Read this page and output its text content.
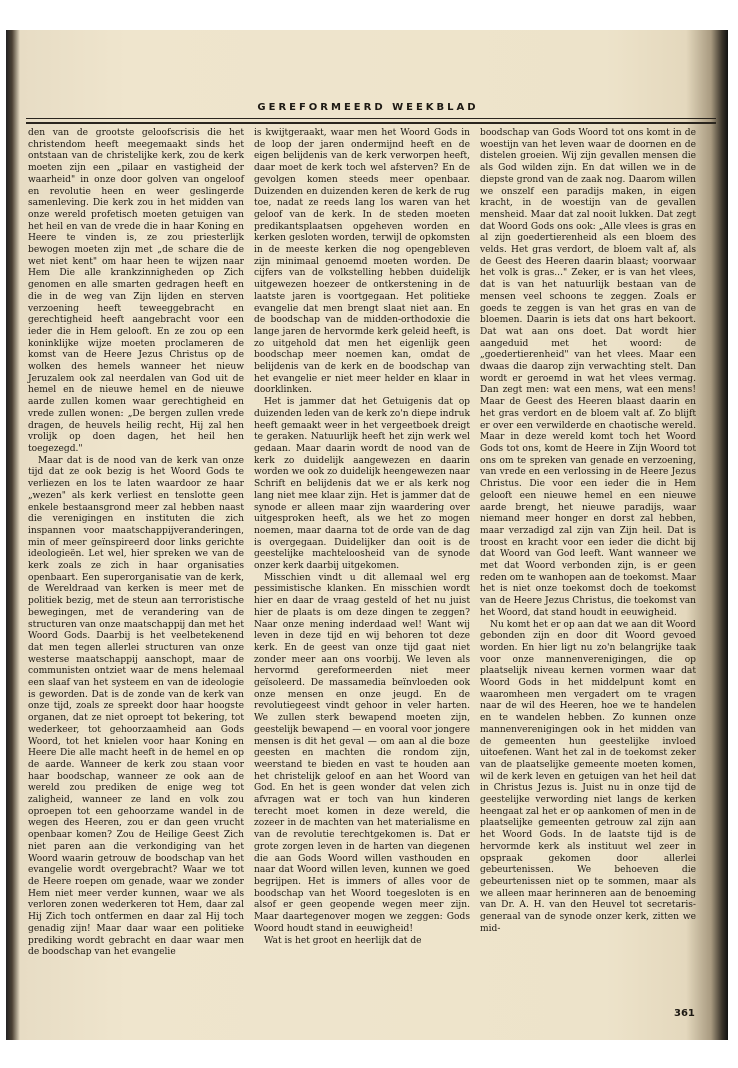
GEREFORMEERD WEEKBLAD

den van de grootste geloofscrisis die het christendom heeft meegemaakt sinds het ontstaan van de christelijke kerk, zou de kerk moeten zijn een „pilaar en vastigheid der waarheid" in onze door golven van ongeloof en revolutie heen en weer geslingerde samenleving. Die kerk zou in het midden van onze wereld profetisch moeten getuigen van het heil en van de vrede die in haar Koning en Heere te vinden is, ze zou priesterlijk bewogen moeten zijn met „de schare die de wet niet kent" om haar heen te wijzen naar Hem Die alle krankzinnigheden op Zich genomen en alle smarten gedragen heeft en die in de weg van Zijn lijden en sterven verzoening heeft teweeggebracht en gerechtigheid heeft aangebracht voor een ieder die in Hem gelooft. En ze zou op een koninklijke wijze moeten proclameren de komst van de Heere Jezus Christus op de wolken des hemels wanneer het nieuw Jeruzalem ook zal neerdalen van God uit de hemel en de nieuwe hemel en de nieuwe aarde zullen komen waar gerechtigheid en vrede zullen wonen: „De bergen zullen vrede dragen, de heuvels heilig recht, Hij zal hen vrolijk op doen dagen, het heil hen toegezegd."

Maar dat is de nood van de kerk van onze tijd dat ze ook bezig is het Woord Gods te verliezen en los te laten waardoor ze haar „wezen" als kerk verliest en tenslotte geen enkele bestaansgrond meer zal hebben naast die verenigingen en instituten die zich inspannen voor maatschappijveranderingen, min of meer geïnspireerd door links gerichte ideologieën. Let wel, hier spreken we van de kerk zoals ze zich in haar organisaties openbaart. Een superorganisatie van de kerk, de Wereldraad van kerken is meer met de politiek bezig, met de steun aan terroristische bewegingen, met de verandering van de structuren van onze maatschappij dan met het Woord Gods. Daarbij is het veelbetekenend dat men tegen allerlei structuren van onze westerse maatschappij aanschopt, maar de communisten ontziet waar de mens helemaal een slaaf van het systeem en van de ideologie is geworden. Dat is de zonde van de kerk van onze tijd, zoals ze spreekt door haar hoogste organen, dat ze niet oproept tot bekering, tot wederkeer, tot gehoorzaamheid aan Gods Woord, tot het knielen voor haar Koning en Heere Die alle macht heeft in de hemel en op de aarde. Wanneer de kerk zou staan voor haar boodschap, wanneer ze ook aan de wereld zou prediken de enige weg tot zaligheid, wanneer ze land en volk zou oproepen tot een gehoorzame wandel in de wegen des Heeren, zou er dan geen vrucht openbaar komen? Zou de Heilige Geest Zich niet paren aan die verkondiging van het Woord waarin getrouw de boodschap van het evangelie wordt overgebracht? Waar we tot de Heere roepen om genade, waar we zonder Hem niet meer verder kunnen, waar we als verloren zonen wederkeren tot Hem, daar zal Hij Zich toch ontfermen en daar zal Hij toch genadig zijn! Maar daar waar een politieke prediking wordt gebracht en daar waar men de boodschap van het evangelie

is kwijtgeraakt, waar men het Woord Gods in de loop der jaren ondermijnd heeft en de eigen belijdenis van de kerk verworpen heeft, daar moet de kerk toch wel afsterven? En de gevolgen komen steeds meer openbaar. Duizenden en duizenden keren de kerk de rug toe, nadat ze reeds lang los waren van het geloof van de kerk. In de steden moeten predikantsplaatsen opgeheven worden en kerken gesloten worden, terwijl de opkomsten in de meeste kerken die nog opengebleven zijn minimaal genoemd moeten worden. De cijfers van de volkstelling hebben duidelijk uitgewezen hoezeer de ontkerstening in de laatste jaren is voortgegaan. Het politieke evangelie dat men brengt slaat niet aan. En de boodschap van de midden-orthodoxie die lange jaren de hervormde kerk geleid heeft, is zo uitgehold dat men het eigenlijk geen boodschap meer noemen kan, omdat de belijdenis van de kerk en de boodschap van het evangelie er niet meer helder en klaar in doorklinken.

Het is jammer dat het Getuigenis dat op duizenden leden van de kerk zo'n diepe indruk heeft gemaakt weer in het vergeetboek dreigt te geraken. Natuurlijk heeft het zijn werk wel gedaan. Maar daarin wordt de nood van de kerk zo duidelijk aangewezen en daarin worden we ook zo duidelijk heengewezen naar Schrift en belijdenis dat we er als kerk nog lang niet mee klaar zijn. Het is jammer dat de synode er alleen maar zijn waardering over uitgesproken heeft, als we het zo mogen noemen, maar daarna tot de orde van de dag is overgegaan. Duidelijker dan ooit is de geestelijke machteloosheid van de synode onzer kerk daarbij uitgekomen.

Misschien vindt u dit allemaal wel erg pessimistische klanken. En misschien wordt hier en daar de vraag gesteld of het nu juist hier de plaats is om deze dingen te zeggen? Naar onze mening inderdaad wel! Want wij leven in deze tijd en wij behoren tot deze kerk. En de geest van onze tijd gaat niet zonder meer aan ons voorbij. We leven als hervormd gereformeerden niet meer geïsoleerd. De massamedia beïnvloeden ook onze mensen en onze jeugd. En de revolutiegeest vindt gehoor in veler harten. We zullen sterk bewapend moeten zijn, geestelijk bewapend — en vooral voor jongere mensen is dit het geval — om aan al die boze geesten en machten die rondom zijn, weerstand te bieden en vast te houden aan het christelijk geloof en aan het Woord van God. En het is geen wonder dat velen zich afvragen wat er toch van hun kinderen terecht moet komen in deze wereld, die zozeer in de machten van het materialisme en van de revolutie terechtgekomen is. Dat er grote zorgen leven in de harten van diegenen die aan Gods Woord willen vasthouden en naar dat Woord willen leven, kunnen we goed begrijpen. Het is immers of alles voor de boodschap van het Woord toegesloten is en alsof er geen geopende wegen meer zijn. Maar daartegenover mogen we zeggen: Gods Woord houdt stand in eeuwigheid!

Wat is het groot en heerlijk dat de

boodschap van Gods Woord tot ons komt in de woestijn van het leven waar de doornen en de distelen groeien. Wij zijn gevallen mensen die als God wilden zijn. En dat willen we in de diepste grond van de zaak nog. Daarom willen we onszelf een paradijs maken, in eigen kracht, in de woestijn van de gevallen mensheid. Maar dat zal nooit lukken. Dat zegt dat Woord Gods ons ook: „Alle vlees is gras en al zijn goedertierenheid als een bloem des velds. Het gras verdort, de bloem valt af, als de Geest des Heeren daarin blaast; voorwaar het volk is gras..." Zeker, er is van het vlees, dat is van het natuurlijk bestaan van de mensen veel schoons te zeggen. Zoals er goeds te zeggen is van het gras en van de bloemen. Daarin is iets dat ons hart bekoort. Dat wat aan ons doet. Dat wordt hier aangeduid met het woord: de „goedertierenheid" van het vlees. Maar een dwaas die daarop zijn verwachting stelt. Dan wordt er geroemd in wat het vlees vermag. Dan zegt men: wat een mens, wat een mens! Maar de Geest des Heeren blaast daarin en het gras verdort en de bloem valt af. Zo blijft er over een verwilderde en chaotische wereld. Maar in deze wereld komt toch het Woord Gods tot ons, komt de Heere in Zijn Woord tot ons om te spreken van genade en verzoening, van vrede en een verlossing in de Heere Jezus Christus. Die voor een ieder die in Hem gelooft een nieuwe hemel en een nieuwe aarde brengt, het nieuwe paradijs, waar niemand meer honger en dorst zal hebben, maar verzadigd zal zijn van Zijn heil. Dat is troost en kracht voor een ieder die dicht bij dat Woord van God leeft. Want wanneer we met dat Woord verbonden zijn, is er geen reden om te wanhopen aan de toekomst. Maar het is niet onze toekomst doch de toekomst van de Heere Jezus Christus, die toekomst van het Woord, dat stand houdt in eeuwigheid.

Nu komt het er op aan dat we aan dit Woord gebonden zijn en door dit Woord gevoed worden. En hier ligt nu zo'n belangrijke taak voor onze mannenverenigingen, die op plaatselijk niveau kernen vormen waar dat Woord Gods in het middelpunt komt en waaromheen men vergadert om te vragen naar de wil des Heeren, hoe we te handelen en te wandelen hebben. Zo kunnen onze mannenverenigingen ook in het midden van de gemeenten hun geestelijke invloed uitoefenen. Want het zal in de toekomst zeker van de plaatselijke gemeente moeten komen, wil de kerk leven en getuigen van het heil dat in Christus Jezus is. Juist nu in onze tijd de geestelijke verwording niet langs de kerken heengaat zal het er op aankomen of men in de plaatselijke gemeenten getrouw zal zijn aan het Woord Gods. In de laatste tijd is de hervormde kerk als instituut wel zeer in opspraak gekomen door allerlei gebeurtenissen. We behoeven die gebeurtenissen niet op te sommen, maar als we alleen maar herinneren aan de benoeming van Dr. A. H. van den Heuvel tot secretaris-generaal van de synode onzer kerk, zitten we mid-

361
